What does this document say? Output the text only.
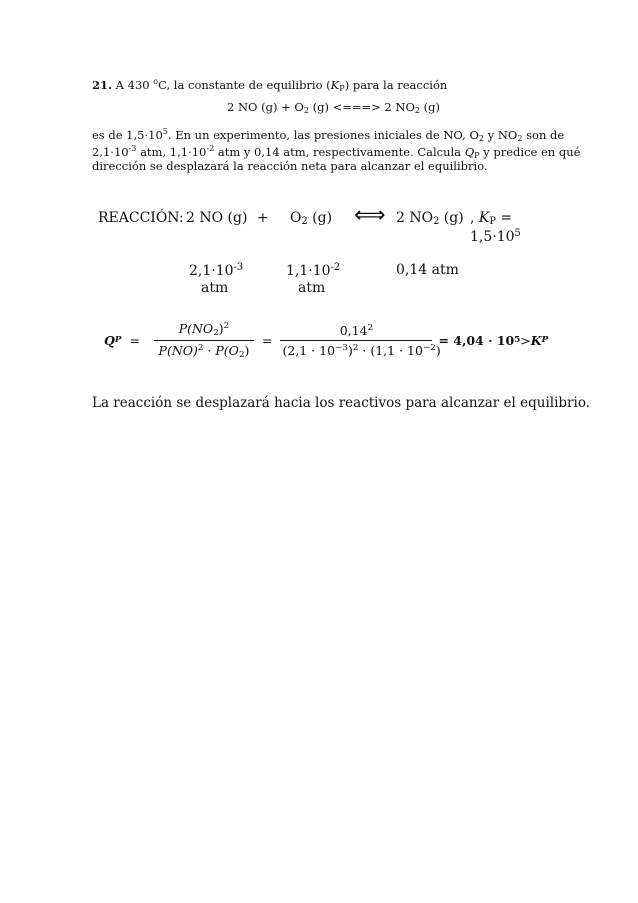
21. A 430 $^o$C, la constante de equilibrio (KP) para la reacción
2 NO (g) + O2 (g) <===> 2 NO2 (g)
es de $1,5\cdot 10^5$. En un experimento, las presiones iniciales de NO, O2 y NO2 son de
$2,1\cdot 10^{-3}$ atm, $1,1\cdot 10^{-2}$ atm y 0,14 atm, respectivamente. Calcula QP y predice en qué
dirección se desplazará la reacción neta para alcanzar el equilibrio.
REACCIÓN: 2 NO (g) + O2 (g) ⟺ 2 NO2 (g) , KP =
$1,5\cdot 10^5$
$2,1\cdot 10^{-3}$
atm
$1,1\cdot 10^{-2}$
atm
0,14 atm
Q $P = \frac{P(NO2)^2}{P(NO)^2 \cdot P(O2)} = \frac{0,14^2}{(2,1 \cdot 10^{-3})^2 \cdot (1,1 \cdot 10^{-2})} = 4,04 \cdot 10$ 5 > K P
La reacción se desplazará hacia los reactivos para alcanzar el equilibrio.
